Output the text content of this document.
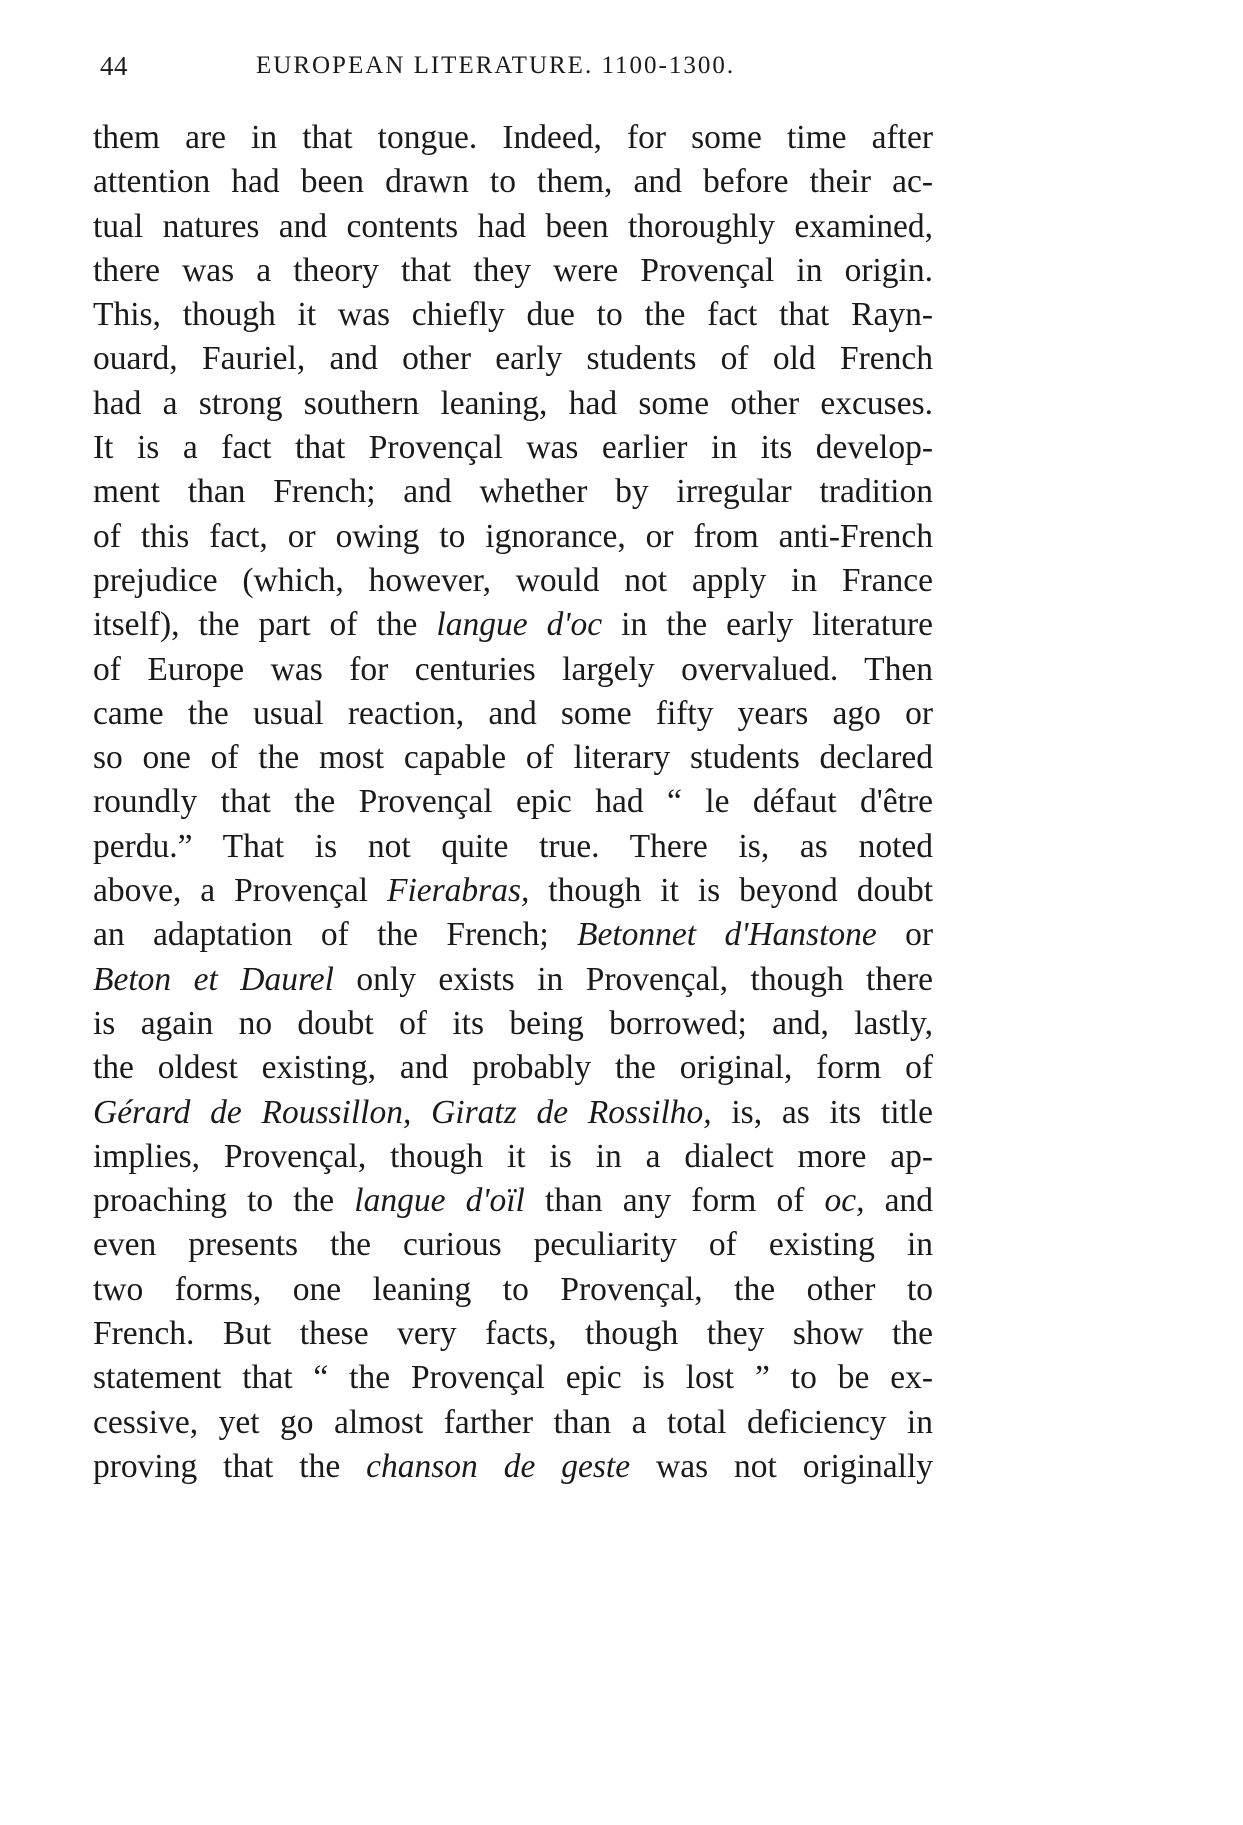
44	EUROPEAN LITERATURE. 1100-1300.
them are in that tongue. Indeed, for some time after
attention had been drawn to them, and before their ac-
tual natures and contents had been thoroughly examined,
there was a theory that they were Provençal in origin.
This, though it was chiefly due to the fact that Rayn-
ouard, Fauriel, and other early students of old French
had a strong southern leaning, had some other excuses.
It is a fact that Provençal was earlier in its develop-
ment than French; and whether by irregular tradition
of this fact, or owing to ignorance, or from anti-French
prejudice (which, however, would not apply in France
itself), the part of the langue d'oc in the early literature
of Europe was for centuries largely overvalued. Then
came the usual reaction, and some fifty years ago or
so one of the most capable of literary students declared
roundly that the Provençal epic had “ le défaut d'être
perdu.” That is not quite true. There is, as noted
above, a Provençal Fierabras, though it is beyond doubt
an adaptation of the French; Betonnet d'Hanstone or
Beton et Daurel only exists in Provençal, though there
is again no doubt of its being borrowed; and, lastly,
the oldest existing, and probably the original, form of
Gérard de Roussillon, Giratz de Rossilho, is, as its title
implies, Provençal, though it is in a dialect more ap-
proaching to the langue d'oïl than any form of oc, and
even presents the curious peculiarity of existing in
two forms, one leaning to Provençal, the other to
French. But these very facts, though they show the
statement that “ the Provençal epic is lost ” to be ex-
cessive, yet go almost farther than a total deficiency in
proving that the chanson de geste was not originally
